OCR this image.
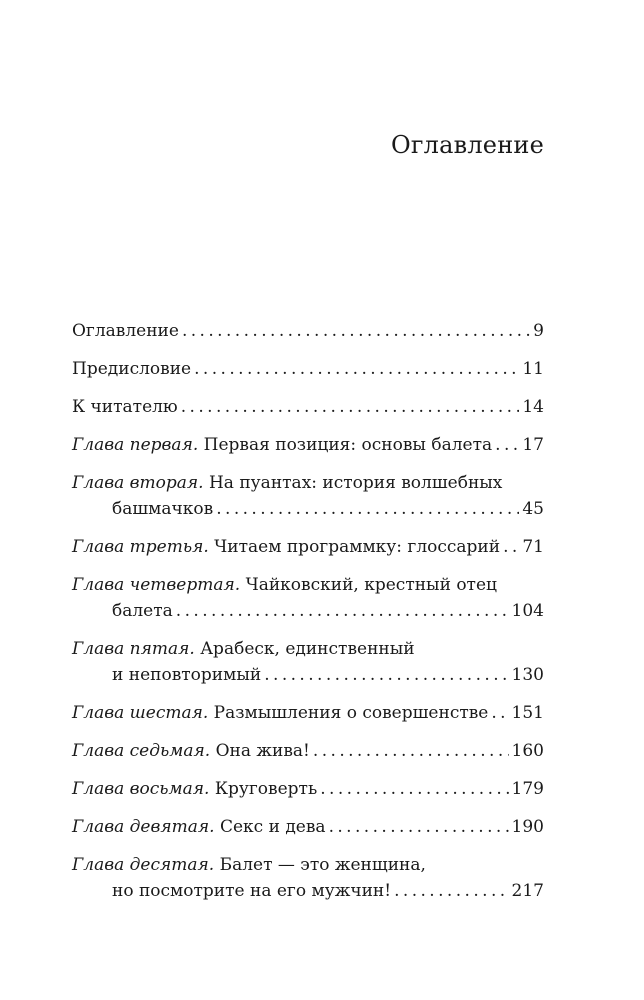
Оглавление
Оглавление . . .	9
Предисловие . . .	11
К читателю . . .	14
Глава первая. Первая позиция: основы балета . . . 17
Глава вторая. На пуантах: история волшебных
башмачков . . .	45
Глава третья. Читаем программку: глоссарий . . . 71
Глава четвертая. Чайковский, крестный отец
балета . . .	104
Глава пятая. Арабеск, единственный
и неповторимый . . .	130
Глава шестая. Размышления о совершенстве . . . 151
Глава седьмая. Она жива! . . .	160
Глава восьмая. Круговерть . . .	179
Глава девятая. Секс и дева . . .	190
Глава десятая. Балет — это женщина,
но посмотрите на его мужчин! . . .	217
